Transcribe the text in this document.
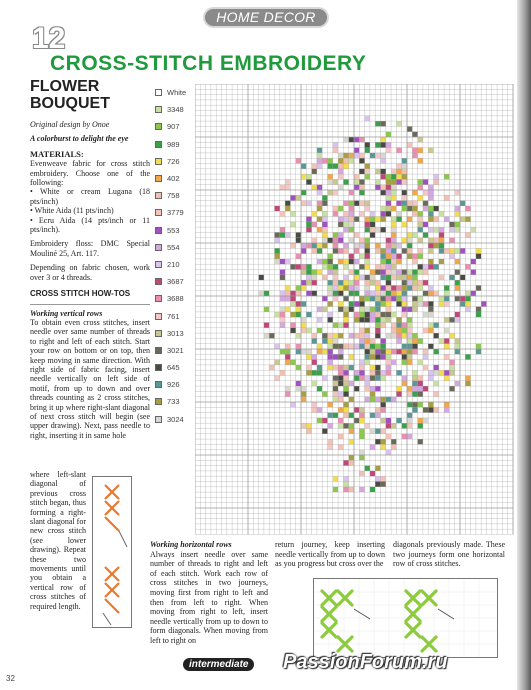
HOME DECOR
12
CROSS-STITCH EMBROIDERY
FLOWER
BOUQUET
Original design by Onoe
A colorburst to delight the eye
MATERIALS:
Evenweave fabric for cross stitch embroidery. Choose one of the following:
• White or cream Lugana (18 pts/inch)
• White Aida (11 pts/inch)
• Ecru Aida (14 pts/inch or 11 pts/inch).
Embroidery floss: DMC Special Mouliné 25, Art. 117.
Depending on fabric chosen, work over 3 or 4 threads.
CROSS STITCH HOW-TOS
Working vertical rows
To obtain even cross stitches, insert needle over same number of threads to right and left of each stitch. Start your row on bottom or on top, then keep moving in same direction. With right side of fabric facing, insert needle vertically on left side of motif, from up to down and over threads counting as 2 cross stitches, bring it up where right-slant diagonal of next cross stitch will begin (see upper drawing). Next, pass needle to right, inserting it in same hole
where left-slant diagonal of previous cross stitch began, thus forming a right-slant diagonal for new cross stitch (see lower drawing). Repeat these two movements until you obtain a vertical row of cross stitches of required length.
White
3348
907
989
726
402
758
3779
553
554
210
3687
3688
761
3013
3021
645
926
733
3024
Working horizontal rows
Always insert needle over same number of threads to right and left of each stitch. Work each row of cross stitches in two journeys, moving first from right to left and then from left to right. When moving from right to left, insert needle vertically from up to down to form diagonals. When moving from left to right on
return journey, keep inserting needle vertically from up to down as you progress but cross over the
diagonals previously made. These two journeys form one horizontal row of cross stitches.
intermediate
32
PassionForum.ru
